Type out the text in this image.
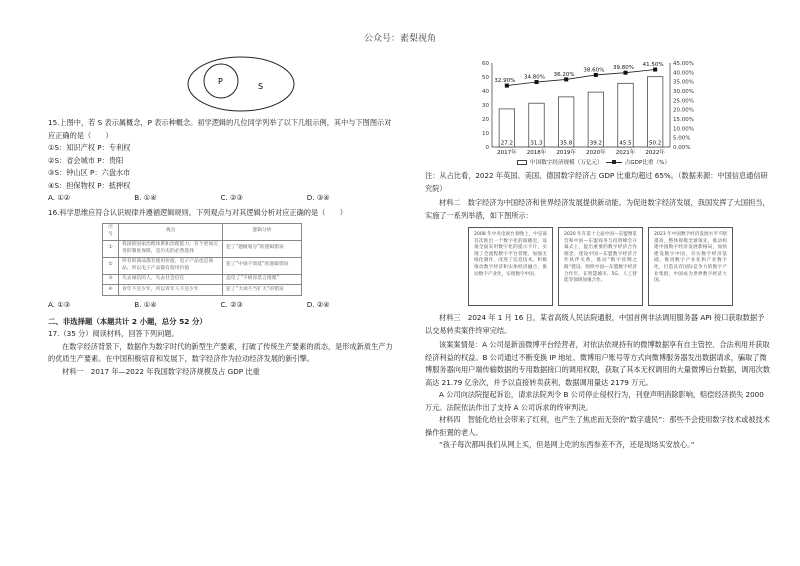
公众号：素梨视角
P
S
15.上图中，若 S 表示属概念，P 表示种概念。初学逻辑的几位同学列举了以下几组示例，其中与下图图示对应正确的是（　　）
①S：知识产权 P：专利权
②S：省会城市 P：贵阳
③S：钟山区 P：六盘水市
④S：担保物权 P：抵押权
A. ①②	B. ①④	C. ②③	D. ③④
16.科学思维应符合认识规律并遵循逻辑规则。下列观点与对其逻辑分析对应正确的是（　　）
序号	观点	逻辑分析
①	我国的国家治理体系和治理能力，有个更加完善的制度保障，是历史的必然选择	犯了“越级划分”的逻辑错误
②	所有的商品都有使用价值，电子产品也是商品，所以电子产品都有使用价值	犯了“中项不周延”的逻辑错误
③	失去诚信的人，失去社会信任	违反了“不相容选言推理”
④	青年不是少年，所以青年人不是少年	犯了“大项不当扩大”的错误
A. ①③	B. ①④	C. ②③	D. ②④
二、非选择题（本题共计 2 小题，总分 52 分）
17.（35 分）阅读材料，回答下列问题。
在数字经济背景下，数据作为数字时代的新型生产要素，打破了传统生产要素的质态，是形成新质生产力的优质生产要素。在中国积极培育和发展下，数字经济作为拉动经济发展的新引擎。
材料一　2017 年—2022 年我国数字经济规模及占 GDP 比重
60
50
40
30
20
10
0
45.00%
40.00%
35.00%
30.00%
25.00%
20.00%
15.00%
10.00%
5.00%
0.00%
27.2
2017年
31.3
2018年
35.8
2019年
39.2
2020年
45.5
2021年
50.2
2022年
32.90%
34.80% 36.20%
38.60% 39.80%
41.50%
中国数字经济规模（万亿元）	占GDP比重（%）
注：从占比看，2022 年英国、美国、德国数字经济占 GDP 比重均超过 65%。（数据来源：中国信息通信研究院）
材料二　数字经济为中国经济和世界经济发展提供新动能。为促进数字经济发展，我国发挥了大国担当，实施了一系列举措，如下图所示：
2008 年中央电视台春晚上，中宣部首次推出一个数字化的演播室，设备全面采用数字化的提示卡片，实现了全流程数字平台管理，加强无纸化制作，改进了信息技术。积极推动数字经济和实体经济融合，推动数字产业化，实现数字中国。
2020 年在第十七届中国—东盟博览会和中国—东盟商务与投资峰会开幕式上，提出重要的数字经济合作理念，建设中国—东盟数字经济合作伙伴关系，推动“数字丝绸之路”建设；组织中国—东盟数字经济合作年，在智慧城市、5G、人工智能等领域加强合作。
2023 年中国数字经济发展水平不断提高，整体规模全球领先，推动构建中国数字经济发展新格局，加快建设数字中国，夯实数字经济基础，推进数字产业化和产业数字化，打造具有国际竞争力的数字产业集群，中国成为世界数字经济大国。
材料三　2024 年 1 月 16 日，某省高级人民法院通报，中国首例非法调用服务器 API 接口获取数据予以交易转卖案件终审完结。
该案案情是：A 公司是新浪微博平台经营者，对依法依规持有的微博数据享有自主管控、合法利用并获取经济利益的权益。B 公司通过不断变换 IP 地址、微博用户账号等方式向微博服务器发出数据请求，骗取了微博服务器向用户端传输数据的专用数据接口的调用权限，获取了其本无权调用的大量微博后台数据，调用次数高达 21.79 亿余次，并予以直接转卖获利，数据调用量达 2179 万元。
A 公司向法院提起诉讼，请求法院判令 B 公司停止侵权行为，刊登声明消除影响，赔偿经济损失 2000 万元。法院依法作出了支持 A 公司诉求的终审判决。
材料四　智能化给社会带来了红利，也产生了焦虑而无奈的“数字遗民”：那些不会使用数字技术或被技术操作拒置的老人。
“孩子每次都叫我们从网上买，但是网上吃的东西参差不齐，还是现场买安放心。”
